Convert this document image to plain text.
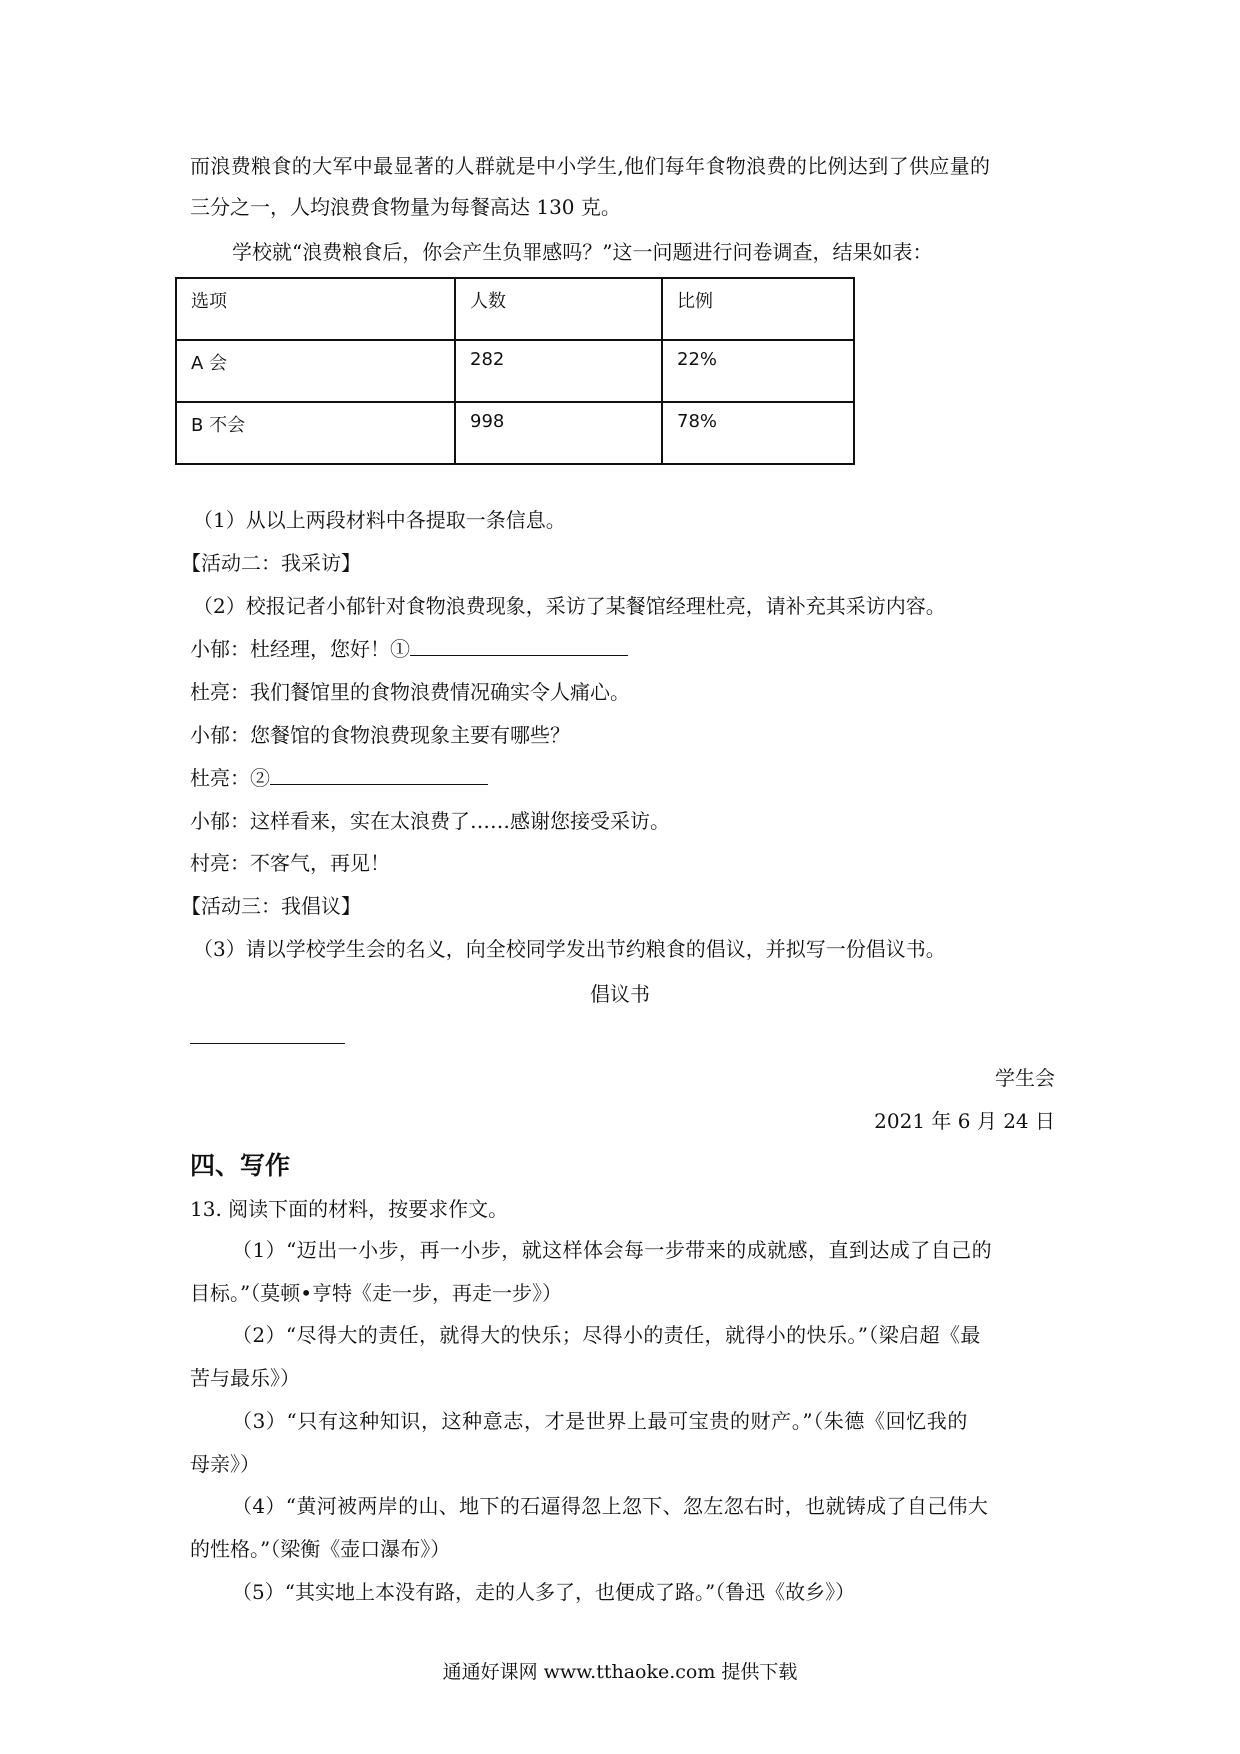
而浪费粮食的大军中最显著的人群就是中小学生,他们每年食物浪费的比例达到了供应量的
三分之一，人均浪费食物量为每餐高达 130 克。
学校就“浪费粮食后，你会产生负罪感吗？”这一问题进行问卷调查，结果如表：
选项	人数	比例
A 会	282	22%
B 不会	998	78%
（1）从以上两段材料中各提取一条信息。
【活动二：我采访】
（2）校报记者小郁针对食物浪费现象，采访了某餐馆经理杜亮，请补充其采访内容。
小郁：杜经理，您好！①
杜亮：我们餐馆里的食物浪费情况确实令人痛心。
小郁：您餐馆的食物浪费现象主要有哪些？
杜亮：②
小郁：这样看来，实在太浪费了……感谢您接受采访。
村亮：不客气，再见！
【活动三：我倡议】
（3）请以学校学生会的名义，向全校同学发出节约粮食的倡议，并拟写一份倡议书。
倡议书
学生会
2021 年 6 月 24 日
四、写作
13. 阅读下面的材料，按要求作文。
（1）“迈出一小步，再一小步，就这样体会每一步带来的成就感，直到达成了自己的
目标。”（莫顿•亨特《走一步，再走一步》）
（2）“尽得大的责任，就得大的快乐；尽得小的责任，就得小的快乐。”（梁启超《最
苦与最乐》）
（3）“只有这种知识，这种意志，才是世界上最可宝贵的财产。”（朱德《回忆我的
母亲》）
（4）“黄河被两岸的山、地下的石逼得忽上忽下、忽左忽右时，也就铸成了自己伟大
的性格。”（梁衡《壶口瀑布》）
（5）“其实地上本没有路，走的人多了，也便成了路。”（鲁迅《故乡》）
通通好课网 www.tthaoke.com 提供下载
